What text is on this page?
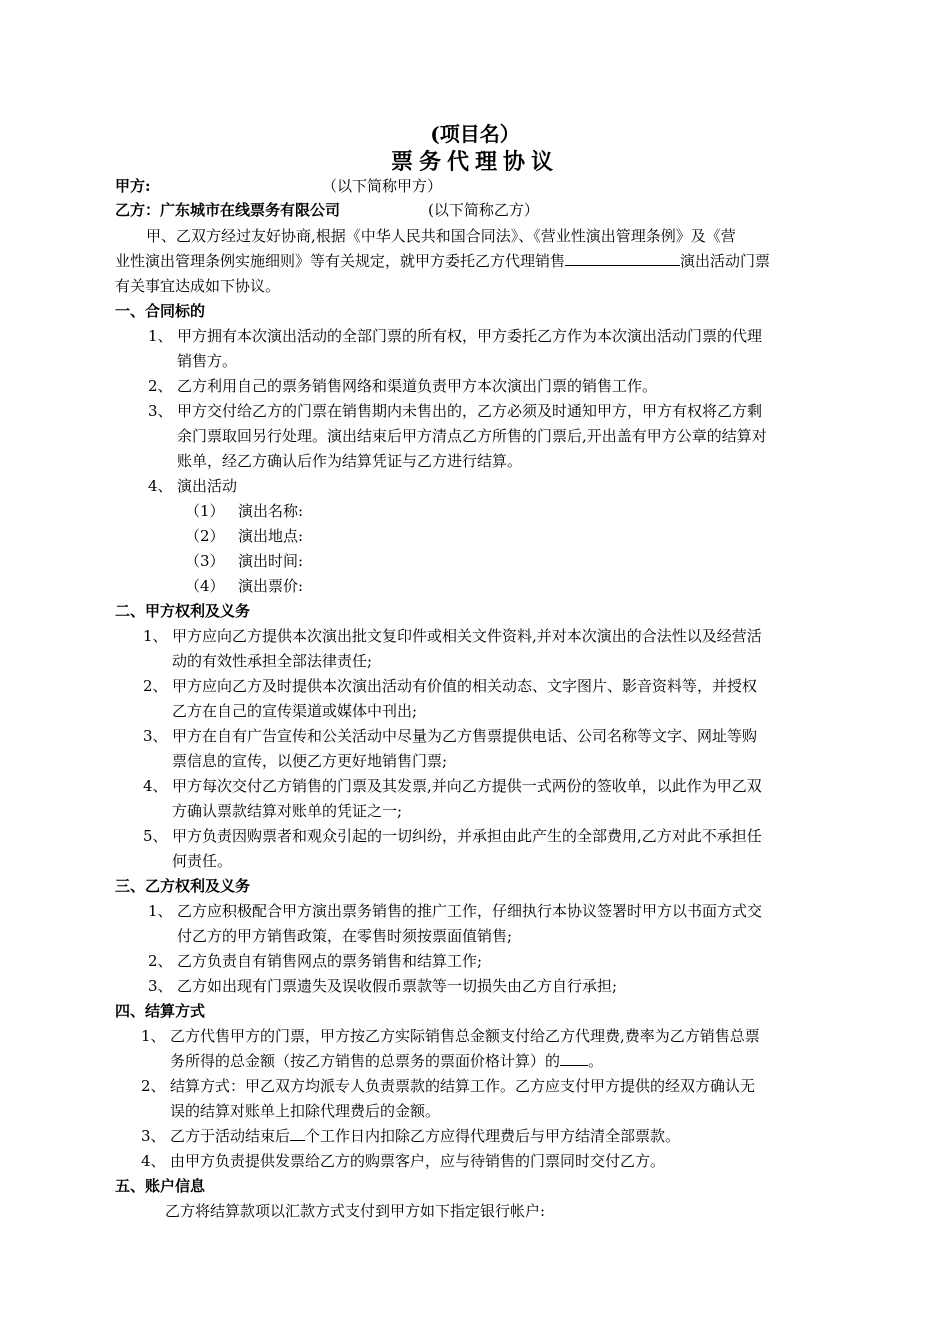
(项目名）
票务代理协议
甲方:	（以下简称甲方）
乙方：广东城市在线票务有限公司	(以下简称乙方）
甲、乙双方经过友好协商,根据《中华人民共和国合同法》、《营业性演出管理条例》及《营
业性演出管理条例实施细则》等有关规定，就甲方委托乙方代理销售	演出活动门票
有关事宜达成如下协议。
一、合同标的
1、 甲方拥有本次演出活动的全部门票的所有权，甲方委托乙方作为本次演出活动门票的代理
销售方。
2、 乙方利用自己的票务销售网络和渠道负责甲方本次演出门票的销售工作。
3、 甲方交付给乙方的门票在销售期内未售出的，乙方必须及时通知甲方，甲方有权将乙方剩
余门票取回另行处理。演出结束后甲方清点乙方所售的门票后,开出盖有甲方公章的结算对
账单，经乙方确认后作为结算凭证与乙方进行结算。
4、 演出活动
（1） 演出名称:
（2） 演出地点:
（3） 演出时间:
（4） 演出票价:
二、甲方权利及义务
1、 甲方应向乙方提供本次演出批文复印件或相关文件资料,并对本次演出的合法性以及经营活
动的有效性承担全部法律责任;
2、 甲方应向乙方及时提供本次演出活动有价值的相关动态、文字图片、影音资料等，并授权
乙方在自己的宣传渠道或媒体中刊出;
3、 甲方在自有广告宣传和公关活动中尽量为乙方售票提供电话、公司名称等文字、网址等购
票信息的宣传，以便乙方更好地销售门票;
4、 甲方每次交付乙方销售的门票及其发票,并向乙方提供一式两份的签收单，以此作为甲乙双
方确认票款结算对账单的凭证之一;
5、 甲方负责因购票者和观众引起的一切纠纷，并承担由此产生的全部费用,乙方对此不承担任
何责任。
三、乙方权利及义务
1、 乙方应积极配合甲方演出票务销售的推广工作，仔细执行本协议签署时甲方以书面方式交
付乙方的甲方销售政策，在零售时须按票面值销售;
2、 乙方负责自有销售网点的票务销售和结算工作;
3、 乙方如出现有门票遗失及误收假币票款等一切损失由乙方自行承担;
四、结算方式
1、 乙方代售甲方的门票，甲方按乙方实际销售总金额支付给乙方代理费,费率为乙方销售总票
务所得的总金额（按乙方销售的总票务的票面价格计算）的 。
2、 结算方式：甲乙双方均派专人负责票款的结算工作。乙方应支付甲方提供的经双方确认无
误的结算对账单上扣除代理费后的金额。
3、 乙方于活动结束后 个工作日内扣除乙方应得代理费后与甲方结清全部票款。
4、 由甲方负责提供发票给乙方的购票客户，应与待销售的门票同时交付乙方。
五、账户信息
乙方将结算款项以汇款方式支付到甲方如下指定银行帐户:
